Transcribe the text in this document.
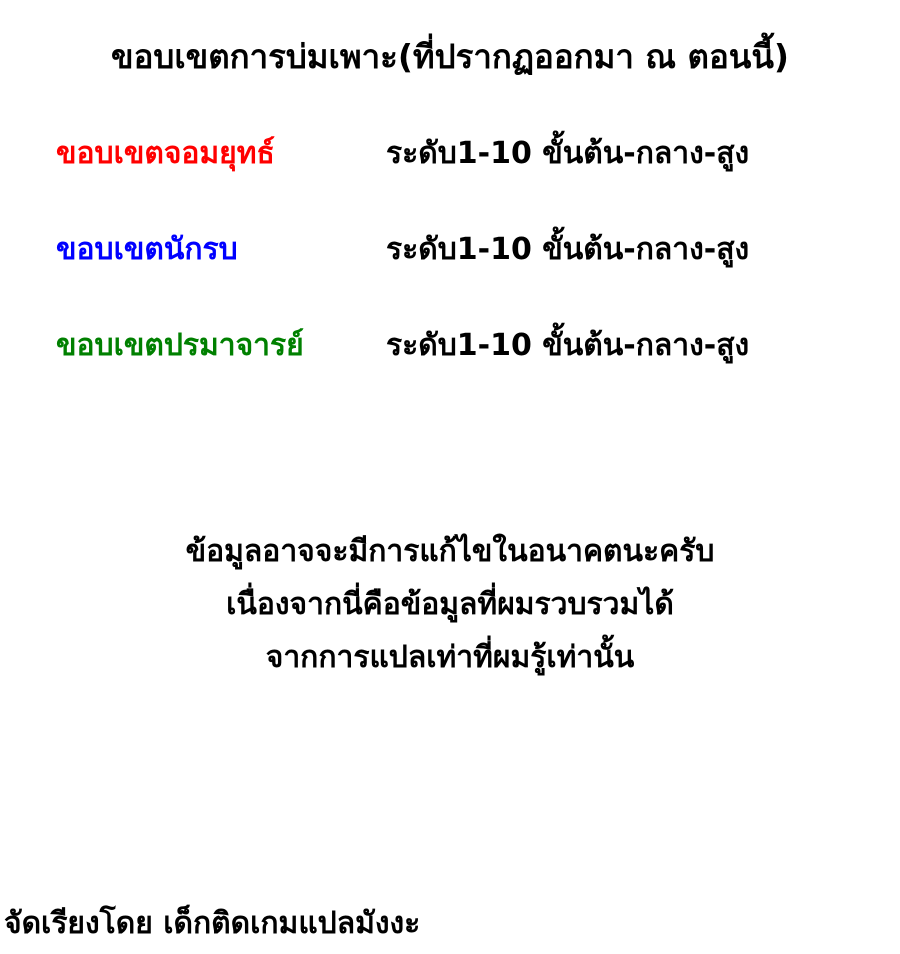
ขอบเขตการบ่มเพาะ(ที่ปรากฏออกมา ณ ตอนนี้)
ขอบเขตจอมยุทธ์	ระดับ1-10 ขั้นต้น-กลาง-สูง
ขอบเขตนักรบ	ระดับ1-10 ขั้นต้น-กลาง-สูง
ขอบเขตปรมาจารย์	ระดับ1-10 ขั้นต้น-กลาง-สูง
ข้อมูลอาจจะมีการแก้ไขในอนาคตนะครับ
เนื่องจากนี่คือข้อมูลที่ผมรวบรวมได้
จากการแปลเท่าที่ผมรู้เท่านั้น
จัดเรียงโดย เด็กติดเกมแปลมังงะ
